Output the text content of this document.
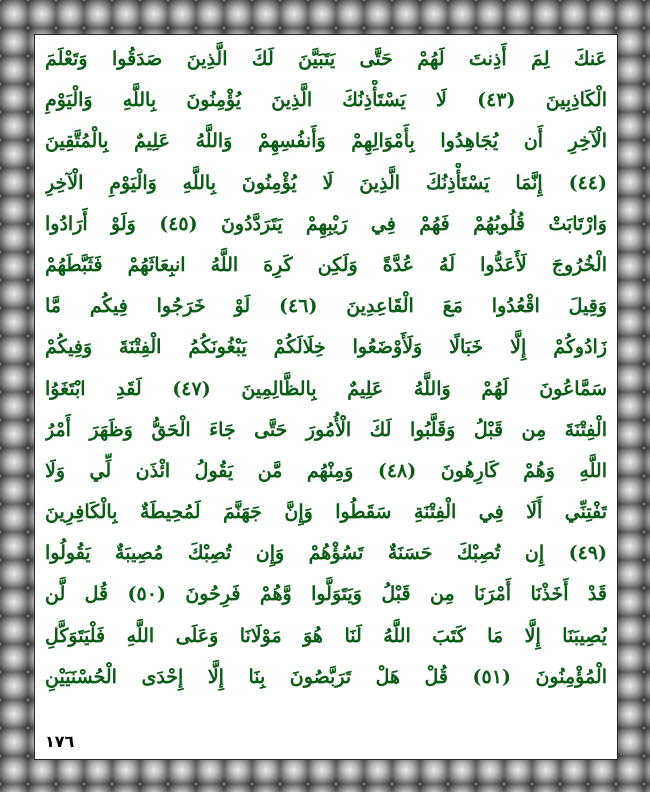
عَنكَ لِمَ أَذِنتَ لَهُمْ حَتَّى يَتَبَيَّنَ لَكَ الَّذِينَ صَدَقُوا وَتَعْلَمَ
الْكَاذِبِينَ (٤٣) لَا يَسْتَأْذِنُكَ الَّذِينَ يُؤْمِنُونَ بِاللَّهِ وَالْيَوْمِ
الْآخِرِ أَن يُجَاهِدُوا بِأَمْوَالِهِمْ وَأَنفُسِهِمْ وَاللَّهُ عَلِيمٌ بِالْمُتَّقِينَ
(٤٤) إِنَّمَا يَسْتَأْذِنُكَ الَّذِينَ لَا يُؤْمِنُونَ بِاللَّهِ وَالْيَوْمِ الْآخِرِ
وَارْتَابَتْ قُلُوبُهُمْ فَهُمْ فِي رَيْبِهِمْ يَتَرَدَّدُونَ (٤٥) وَلَوْ أَرَادُوا
الْخُرُوجَ لَأَعَدُّوا لَهُ عُدَّةً وَلَكِن كَرِهَ اللَّهُ انبِعَاثَهُمْ فَثَبَّطَهُمْ
وَقِيلَ اقْعُدُوا مَعَ الْقَاعِدِينَ (٤٦) لَوْ خَرَجُوا فِيكُم مَّا
زَادُوكُمْ إِلَّا خَبَالًا وَلَأَوْضَعُوا خِلَالَكُمْ يَبْغُونَكُمُ الْفِتْنَةَ وَفِيكُمْ
سَمَّاعُونَ لَهُمْ وَاللَّهُ عَلِيمٌ بِالظَّالِمِينَ (٤٧) لَقَدِ ابْتَغَوُا
الْفِتْنَةَ مِن قَبْلُ وَقَلَّبُوا لَكَ الْأُمُورَ حَتَّى جَاءَ الْحَقُّ وَظَهَرَ أَمْرُ
اللَّهِ وَهُمْ كَارِهُونَ (٤٨) وَمِنْهُم مَّن يَقُولُ ائْذَن لِّي وَلَا
تَفْتِنِّي أَلَا فِي الْفِتْنَةِ سَقَطُوا وَإِنَّ جَهَنَّمَ لَمُحِيطَةٌ بِالْكَافِرِينَ
(٤٩) إِن تُصِبْكَ حَسَنَةٌ تَسُؤْهُمْ وَإِن تُصِبْكَ مُصِيبَةٌ يَقُولُوا
قَدْ أَخَذْنَا أَمْرَنَا مِن قَبْلُ وَيَتَوَلَّوا وَّهُمْ فَرِحُونَ (٥٠) قُل لَّن
يُصِيبَنَا إِلَّا مَا كَتَبَ اللَّهُ لَنَا هُوَ مَوْلَانَا وَعَلَى اللَّهِ فَلْيَتَوَكَّلِ
الْمُؤْمِنُونَ (٥١) قُلْ هَلْ تَرَبَّصُونَ بِنَا إِلَّا إِحْدَى الْحُسْنَيَيْنِ
١٧٦
